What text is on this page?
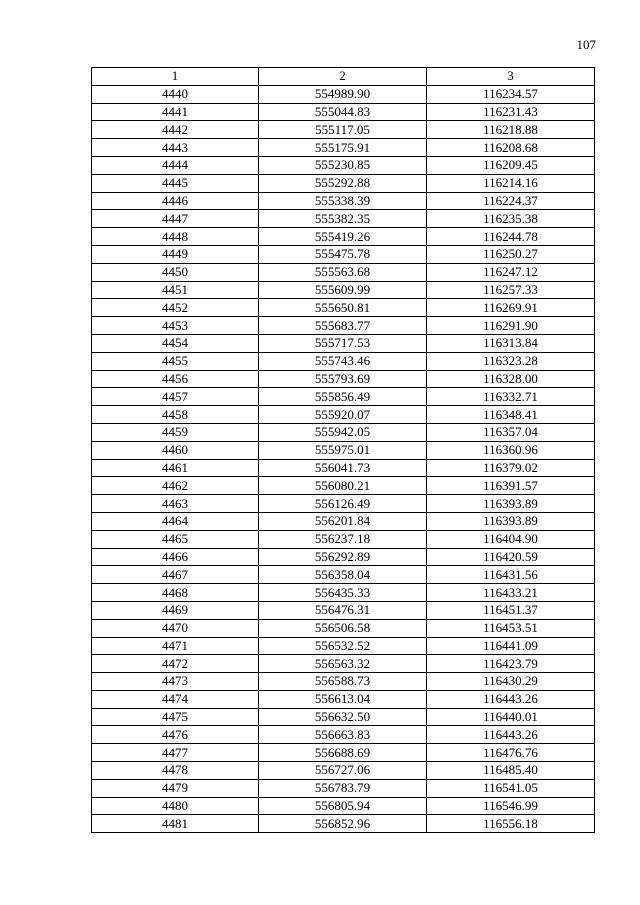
107
1	2	3
4440	554989.90	116234.57
4441	555044.83	116231.43
4442	555117.05	116218.88
4443	555175.91	116208.68
4444	555230.85	116209.45
4445	555292.88	116214.16
4446	555338.39	116224.37
4447	555382.35	116235.38
4448	555419.26	116244.78
4449	555475.78	116250.27
4450	555563.68	116247.12
4451	555609.99	116257.33
4452	555650.81	116269.91
4453	555683.77	116291.90
4454	555717.53	116313.84
4455	555743.46	116323.28
4456	555793.69	116328.00
4457	555856.49	116332.71
4458	555920.07	116348.41
4459	555942.05	116357.04
4460	555975.01	116360.96
4461	556041.73	116379.02
4462	556080.21	116391.57
4463	556126.49	116393.89
4464	556201.84	116393.89
4465	556237.18	116404.90
4466	556292.89	116420.59
4467	556358.04	116431.56
4468	556435.33	116433.21
4469	556476.31	116451.37
4470	556506.58	116453.51
4471	556532.52	116441.09
4472	556563.32	116423.79
4473	556588.73	116430.29
4474	556613.04	116443.26
4475	556632.50	116440.01
4476	556663.83	116443.26
4477	556688.69	116476.76
4478	556727.06	116485.40
4479	556783.79	116541.05
4480	556805.94	116546.99
4481	556852.96	116556.18
